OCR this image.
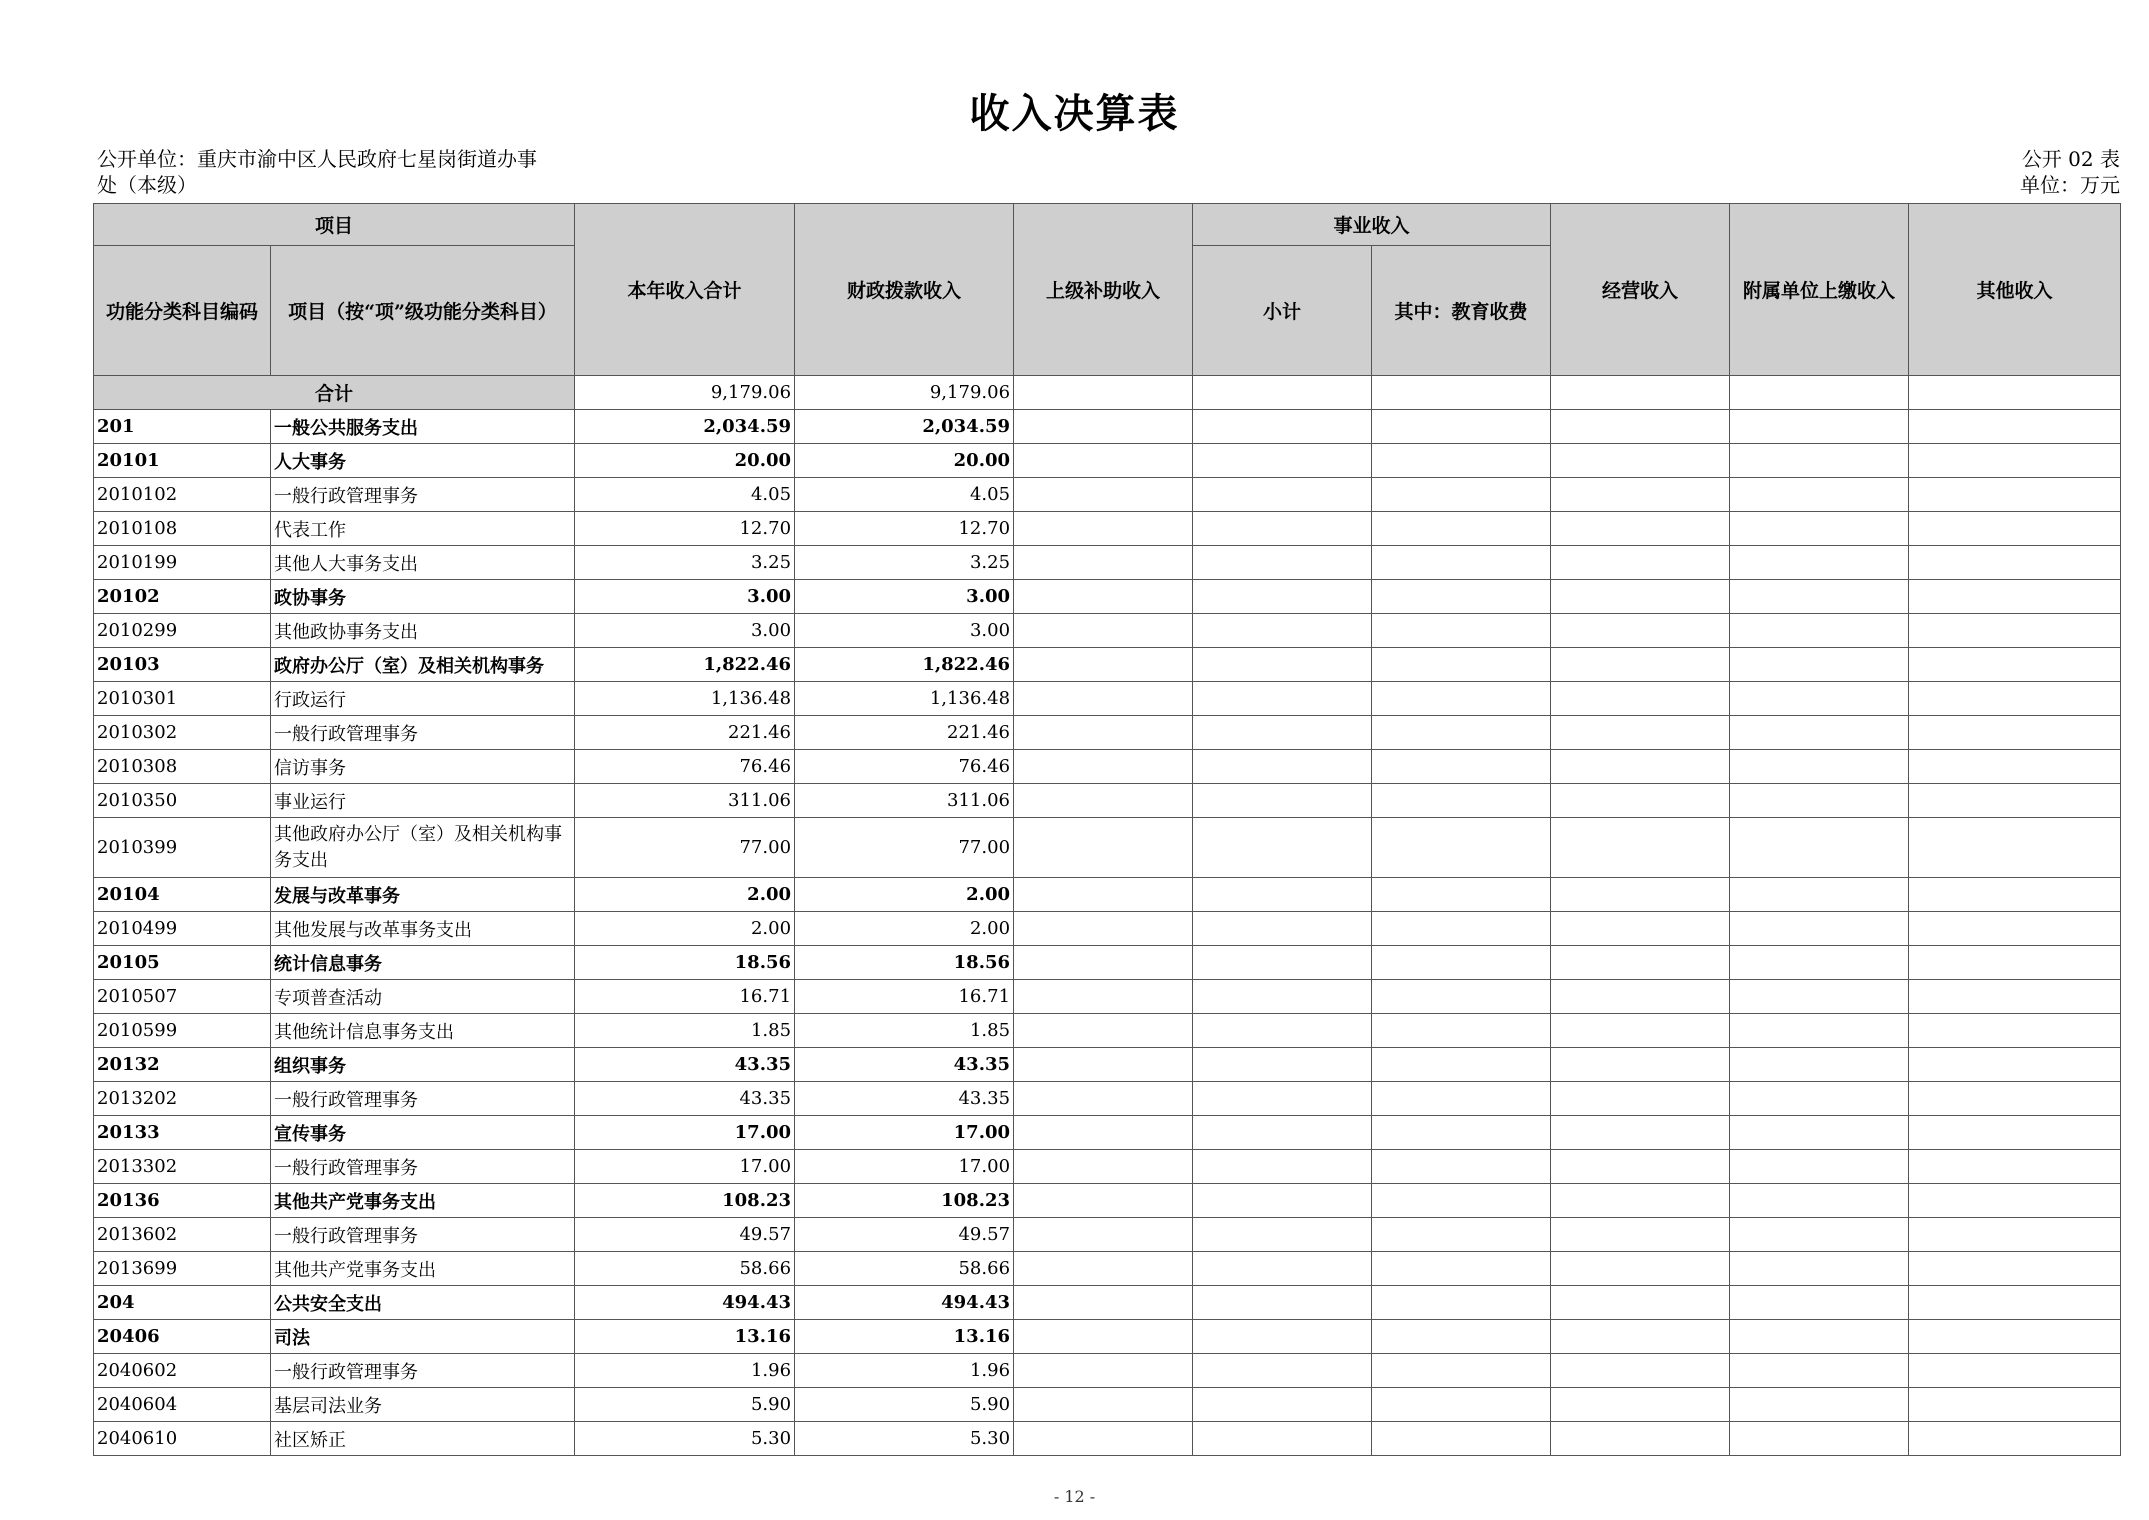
收入决算表
公开单位：重庆市渝中区人民政府七星岗街道办事
处（本级）
公开 02 表
单位：万元
项目		本年收入合计	财政拨款收入	上级补助收入	事业收入		经营收入	附属单位上缴收入	其他收入
功能分类科目编码	项目（按“项”级功能分类科目）				小计	其中：教育收费			
合计		9,179.06	9,179.06						
201	一般公共服务支出	2,034.59	2,034.59						
20101	人大事务	20.00	20.00						
2010102	一般行政管理事务	4.05	4.05						
2010108	代表工作	12.70	12.70						
2010199	其他人大事务支出	3.25	3.25						
20102	政协事务	3.00	3.00						
2010299	其他政协事务支出	3.00	3.00						
20103	政府办公厅（室）及相关机构事务	1,822.46	1,822.46						
2010301	行政运行	1,136.48	1,136.48						
2010302	一般行政管理事务	221.46	221.46						
2010308	信访事务	76.46	76.46						
2010350	事业运行	311.06	311.06						
2010399	其他政府办公厅（室）及相关机构事务支出	77.00	77.00						
20104	发展与改革事务	2.00	2.00						
2010499	其他发展与改革事务支出	2.00	2.00						
20105	统计信息事务	18.56	18.56						
2010507	专项普查活动	16.71	16.71						
2010599	其他统计信息事务支出	1.85	1.85						
20132	组织事务	43.35	43.35						
2013202	一般行政管理事务	43.35	43.35						
20133	宣传事务	17.00	17.00						
2013302	一般行政管理事务	17.00	17.00						
20136	其他共产党事务支出	108.23	108.23						
2013602	一般行政管理事务	49.57	49.57						
2013699	其他共产党事务支出	58.66	58.66						
204	公共安全支出	494.43	494.43						
20406	司法	13.16	13.16						
2040602	一般行政管理事务	1.96	1.96						
2040604	基层司法业务	5.90	5.90						
2040610	社区矫正	5.30	5.30						
- 12 -
